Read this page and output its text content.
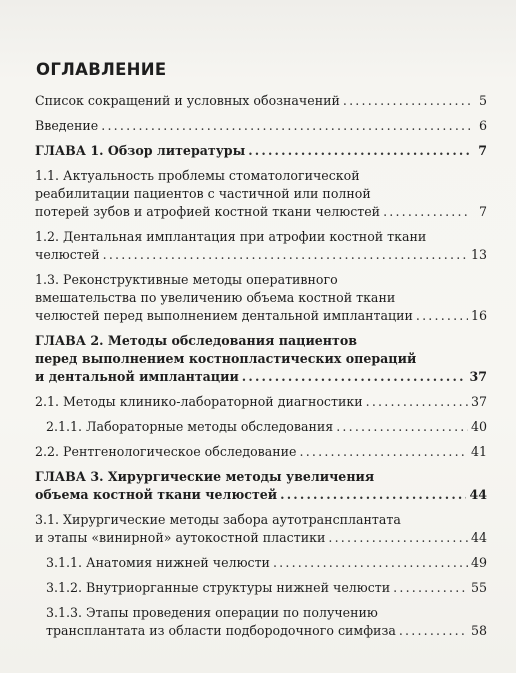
ОГЛАВЛЕНИЕ
Список сокращений и условных обозначений .....	5
Введение .....	6
ГЛАВА 1. Обзор литературы .....	7
1.1. Актуальность проблемы стоматологической
реабилитации пациентов с частичной или полной
потерей зубов и атрофией костной ткани челюстей .....	7
1.2. Дентальная имплантация при атрофии костной ткани
челюстей .....	13
1.3. Реконструктивные методы оперативного
вмешательства по увеличению объема костной ткани
челюстей перед выполнением дентальной имплантации .....	16
ГЛАВА 2. Методы обследования пациентов
перед выполнением костнопластических операций
и дентальной имплантации .....	37
2.1. Методы клинико-лабораторной диагностики .....	37
2.1.1. Лабораторные методы обследования .....	40
2.2. Рентгенологическое обследование .....	41
ГЛАВА 3. Хирургические методы увеличения
объема костной ткани челюстей .....	44
3.1. Хирургические методы забора аутотрансплантата
и этапы «винирной» аутокостной пластики .....	44
3.1.1. Анатомия нижней челюсти .....	49
3.1.2. Внутриорганные структуры нижней челюсти .....	55
3.1.3. Этапы проведения операции по получению
трансплантата из области подбородочного симфиза .....	58
